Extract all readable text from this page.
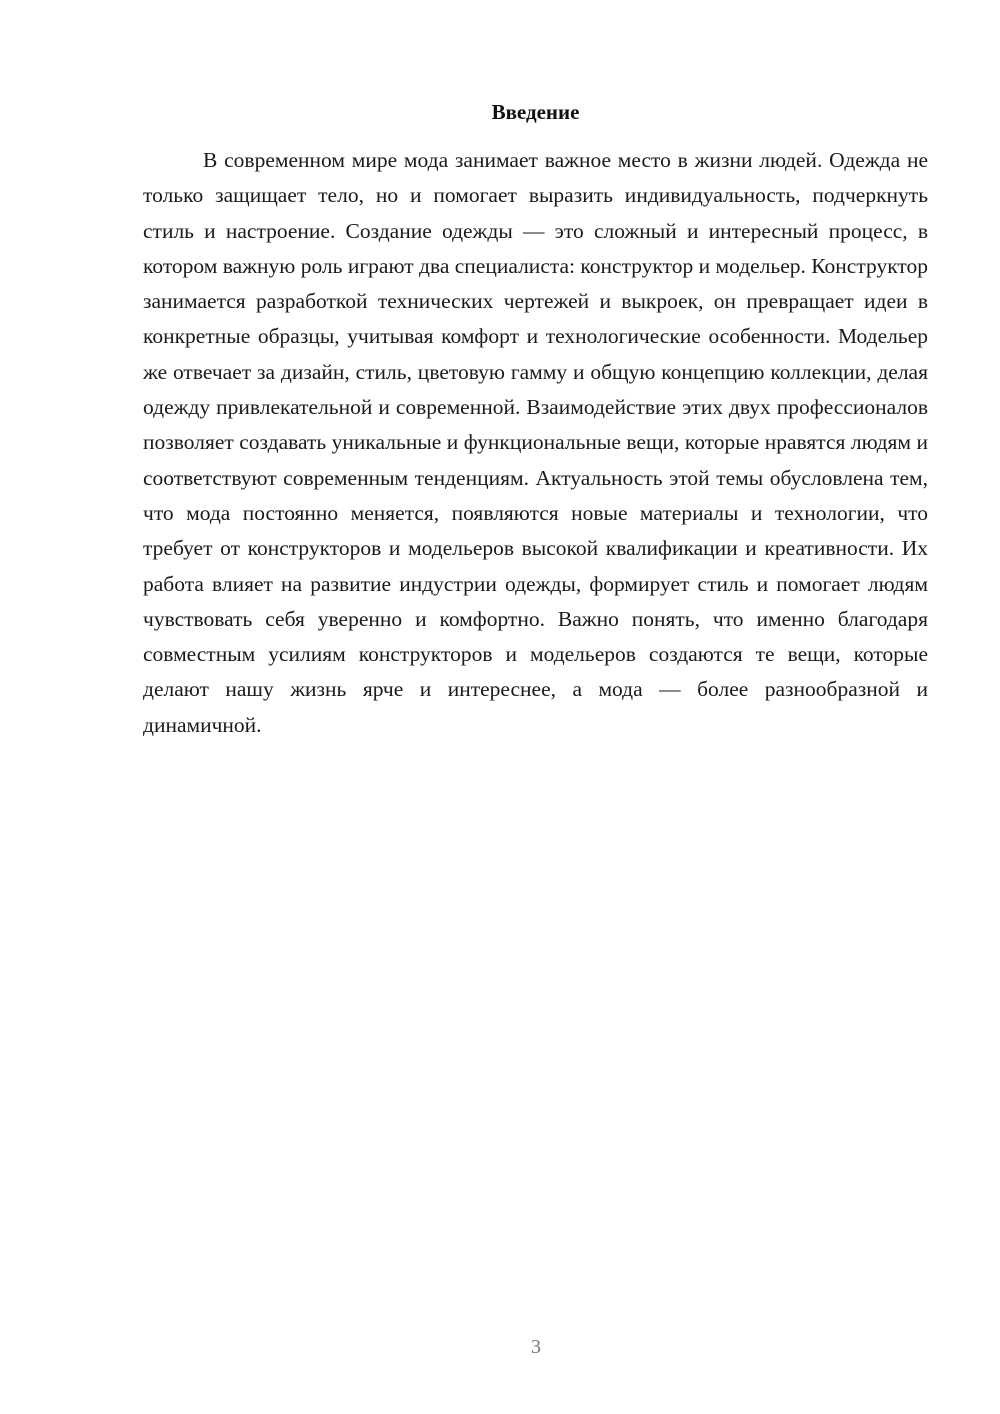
Введение

В современном мире мода занимает важное место в жизни людей. Одежда не только защищает тело, но и помогает выразить индивидуальность, подчеркнуть стиль и настроение. Создание одежды — это сложный и интересный процесс, в котором важную роль играют два специалиста: конструктор и модельер. Конструктор занимается разработкой технических чертежей и выкроек, он превращает идеи в конкретные образцы, учитывая комфорт и технологические особенности. Модельер же отвечает за дизайн, стиль, цветовую гамму и общую концепцию коллекции, делая одежду привлекательной и современной. Взаимодействие этих двух профессионалов позволяет создавать уникальные и функциональные вещи, которые нравятся людям и соответствуют современным тенденциям. Актуальность этой темы обусловлена тем, что мода постоянно меняется, появляются новые материалы и технологии, что требует от конструкторов и модельеров высокой квалификации и креативности. Их работа влияет на развитие индустрии одежды, формирует стиль и помогает людям чувствовать себя уверенно и комфортно. Важно понять, что именно благодаря совместным усилиям конструкторов и модельеров создаются те вещи, которые делают нашу жизнь ярче и интереснее, а мода — более разнообразной и динамичной.

3
